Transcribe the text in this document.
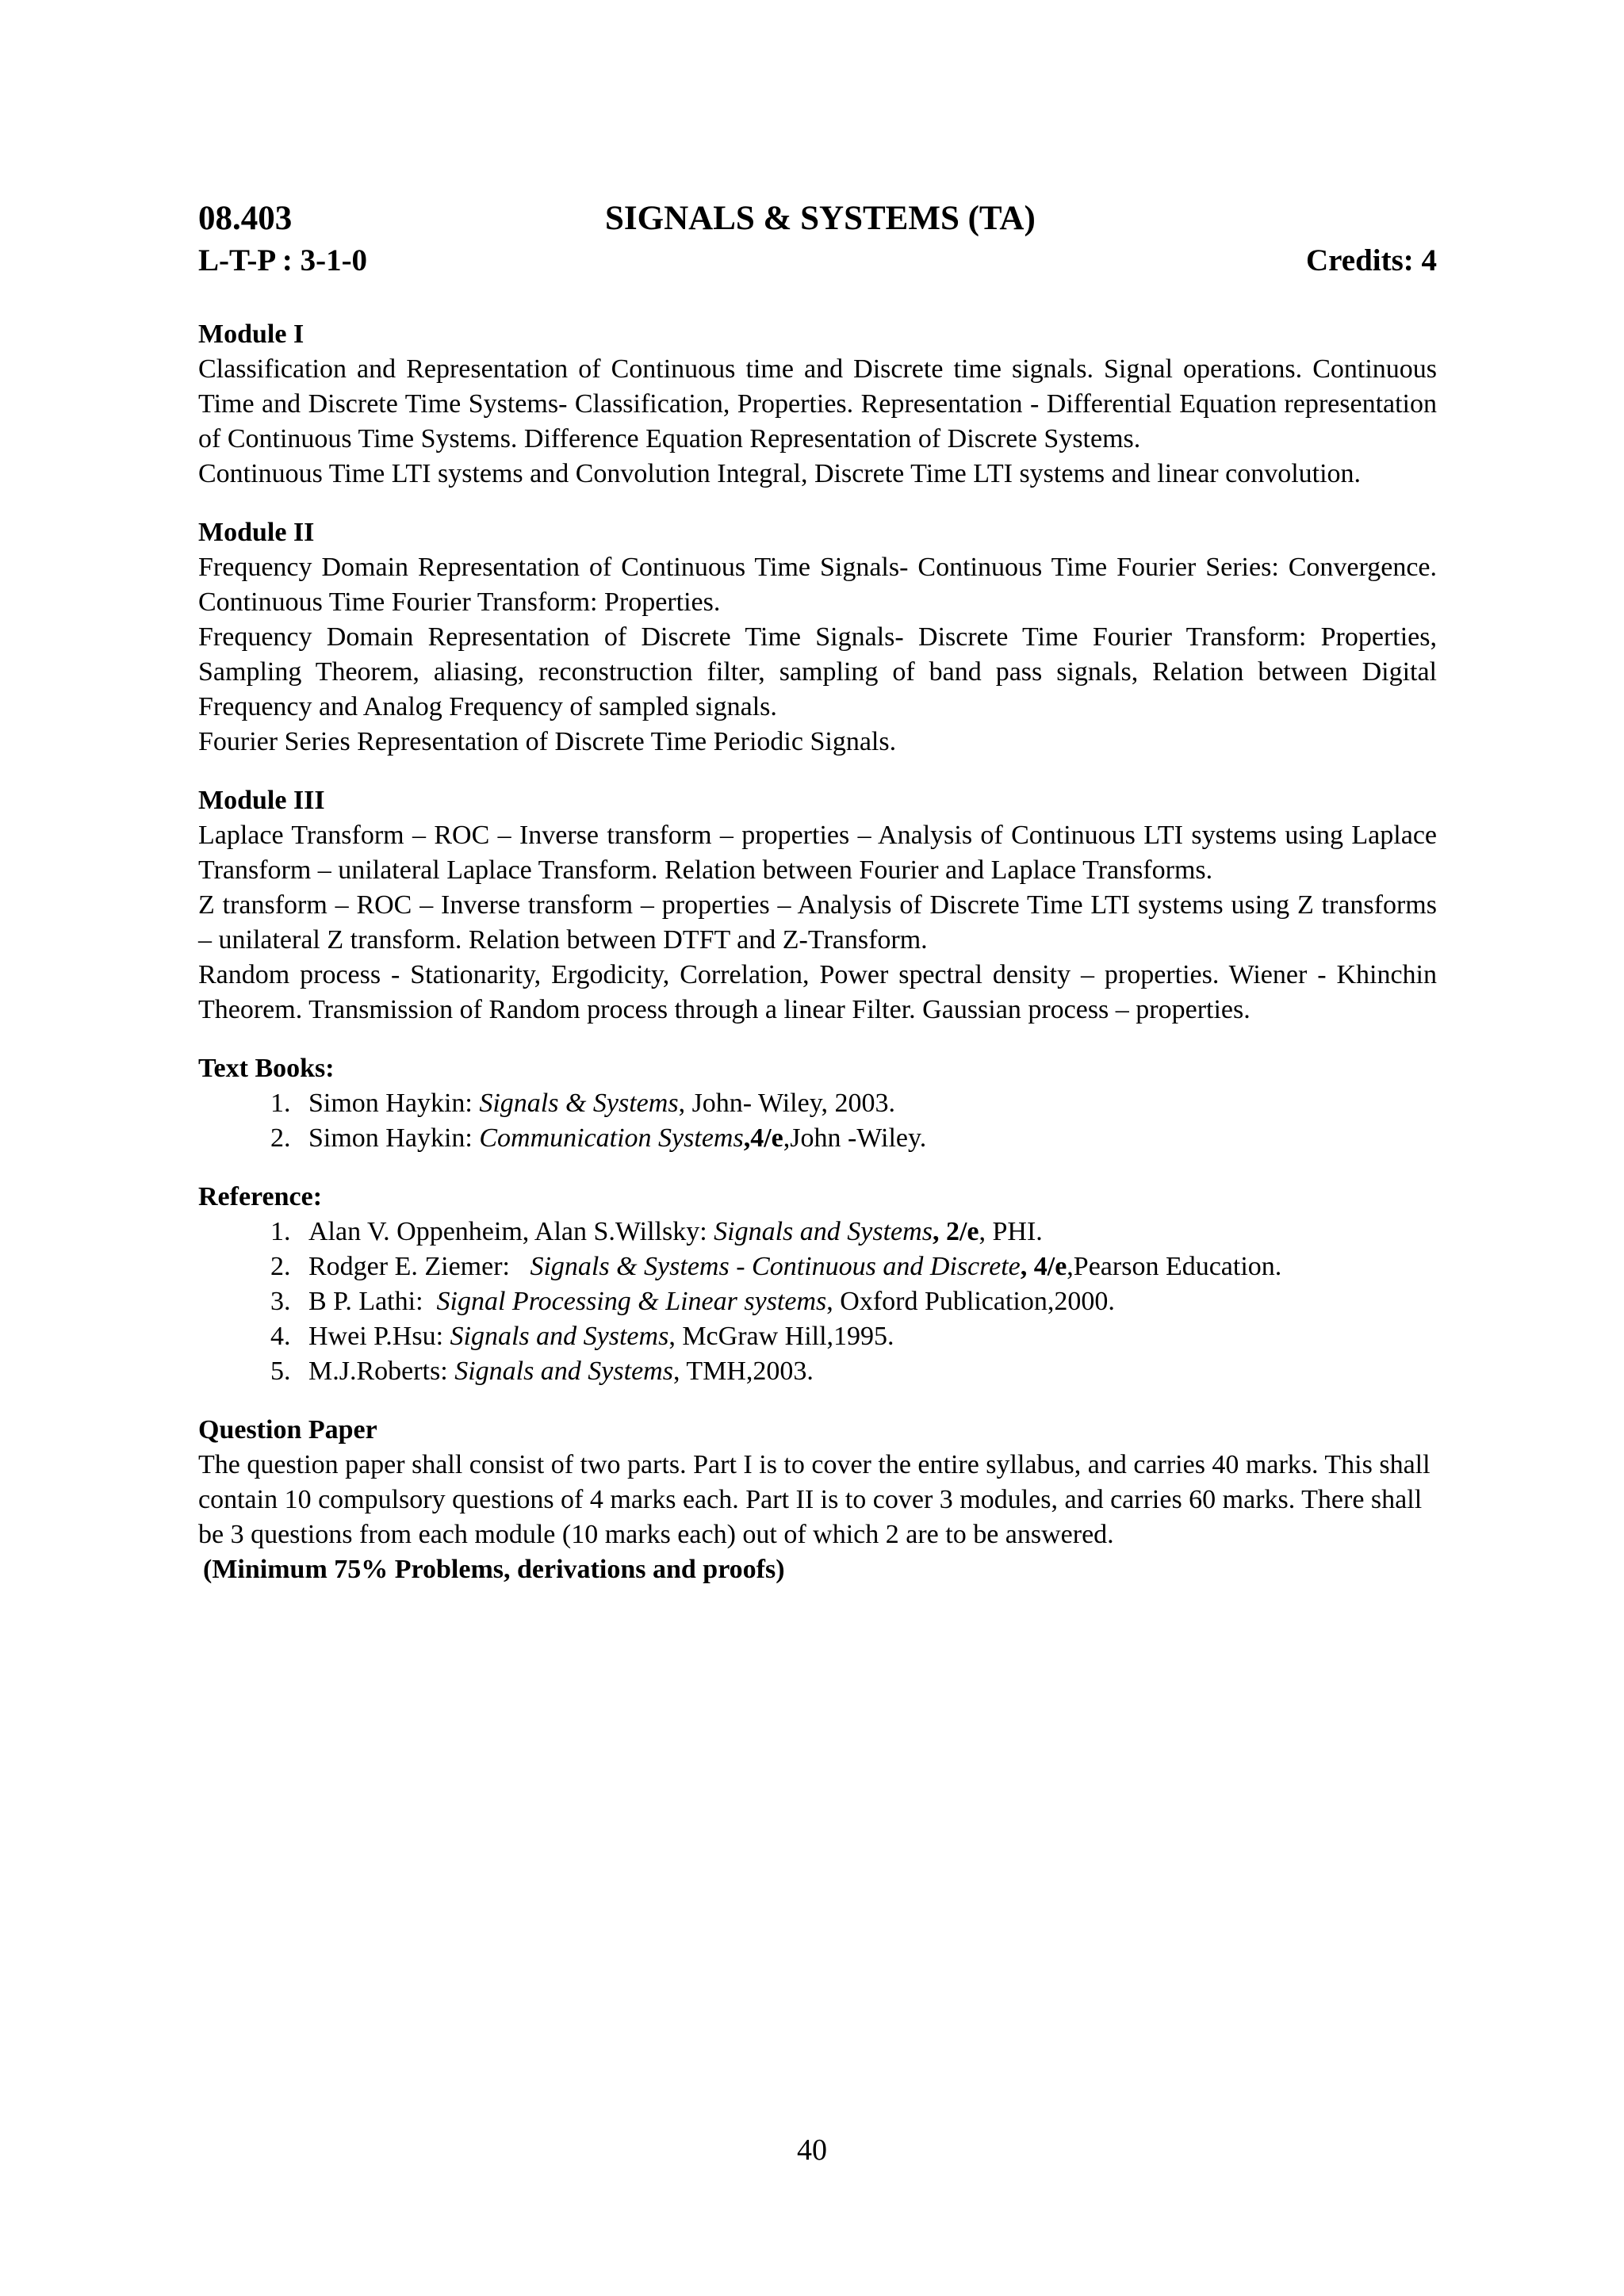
08.403	SIGNALS & SYSTEMS (TA)
L-T-P : 3-1-0	Credits: 4

Module I

Classification and Representation of Continuous time and Discrete time signals. Signal operations. Continuous Time and Discrete Time Systems- Classification, Properties. Representation - Differential Equation representation of Continuous Time Systems. Difference Equation Representation of Discrete Systems.

Continuous Time LTI systems and Convolution Integral, Discrete Time LTI systems and linear convolution.

Module II

Frequency Domain Representation of Continuous Time Signals- Continuous Time Fourier Series: Convergence. Continuous Time Fourier Transform: Properties.

Frequency Domain Representation of Discrete Time Signals- Discrete Time Fourier Transform: Properties, Sampling Theorem, aliasing, reconstruction filter, sampling of band pass signals, Relation between Digital Frequency and Analog Frequency of sampled signals.

Fourier Series Representation of Discrete Time Periodic Signals.

Module III

Laplace Transform – ROC – Inverse transform – properties – Analysis of Continuous LTI systems using Laplace Transform – unilateral Laplace Transform. Relation between Fourier and Laplace Transforms.

Z transform – ROC – Inverse transform – properties – Analysis of Discrete Time LTI systems using Z transforms – unilateral Z transform. Relation between DTFT and Z-Transform.

Random process - Stationarity, Ergodicity, Correlation, Power spectral density – properties. Wiener - Khinchin Theorem. Transmission of Random process through a linear Filter. Gaussian process – properties.

Text Books:

1. Simon Haykin: Signals & Systems, John- Wiley, 2003.
2. Simon Haykin: Communication Systems,4/e,John -Wiley.

Reference:

1. Alan V. Oppenheim, Alan S.Willsky: Signals and Systems, 2/e, PHI.
2. Rodger E. Ziemer:   Signals & Systems - Continuous and Discrete, 4/e,Pearson Education.
3. B P. Lathi:  Signal Processing & Linear systems, Oxford Publication,2000.
4. Hwei P.Hsu: Signals and Systems, McGraw Hill,1995.
5. M.J.Roberts: Signals and Systems, TMH,2003.

Question Paper

The question paper shall consist of two parts. Part I is to cover the entire syllabus, and carries 40 marks. This shall contain 10 compulsory questions of 4 marks each. Part II is to cover 3 modules, and carries 60 marks. There shall be 3 questions from each module (10 marks each) out of which 2 are to be answered.

(Minimum 75% Problems, derivations and proofs)

40
